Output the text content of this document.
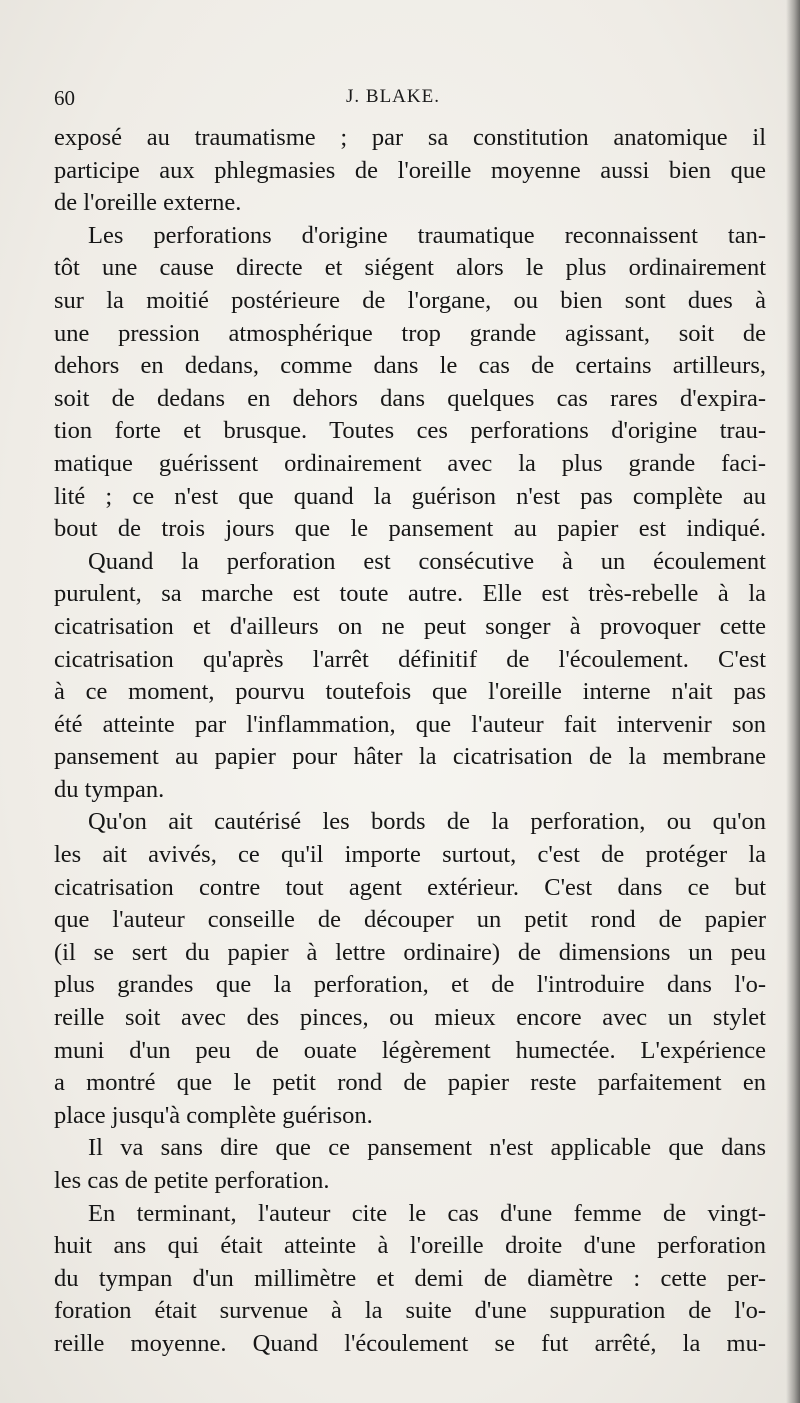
60	J. BLAKE.
exposé au traumatisme ; par sa constitution anatomique il
participe aux phlegmasies de l'oreille moyenne aussi bien que
de l'oreille externe.
Les perforations d'origine traumatique reconnaissent tan-
tôt une cause directe et siégent alors le plus ordinairement
sur la moitié postérieure de l'organe, ou bien sont dues à
une pression atmosphérique trop grande agissant, soit de
dehors en dedans, comme dans le cas de certains artilleurs,
soit de dedans en dehors dans quelques cas rares d'expira-
tion forte et brusque. Toutes ces perforations d'origine trau-
matique guérissent ordinairement avec la plus grande faci-
lité ; ce n'est que quand la guérison n'est pas complète au
bout de trois jours que le pansement au papier est indiqué.
Quand la perforation est consécutive à un écoulement
purulent, sa marche est toute autre. Elle est très-rebelle à la
cicatrisation et d'ailleurs on ne peut songer à provoquer cette
cicatrisation qu'après l'arrêt définitif de l'écoulement. C'est
à ce moment, pourvu toutefois que l'oreille interne n'ait pas
été atteinte par l'inflammation, que l'auteur fait intervenir son
pansement au papier pour hâter la cicatrisation de la membrane
du tympan.
Qu'on ait cautérisé les bords de la perforation, ou qu'on
les ait avivés, ce qu'il importe surtout, c'est de protéger la
cicatrisation contre tout agent extérieur. C'est dans ce but
que l'auteur conseille de découper un petit rond de papier
(il se sert du papier à lettre ordinaire) de dimensions un peu
plus grandes que la perforation, et de l'introduire dans l'o-
reille soit avec des pinces, ou mieux encore avec un stylet
muni d'un peu de ouate légèrement humectée. L'expérience
a montré que le petit rond de papier reste parfaitement en
place jusqu'à complète guérison.
Il va sans dire que ce pansement n'est applicable que dans
les cas de petite perforation.
En terminant, l'auteur cite le cas d'une femme de vingt-
huit ans qui était atteinte à l'oreille droite d'une perforation
du tympan d'un millimètre et demi de diamètre : cette per-
foration était survenue à la suite d'une suppuration de l'o-
reille moyenne. Quand l'écoulement se fut arrêté, la mu-
